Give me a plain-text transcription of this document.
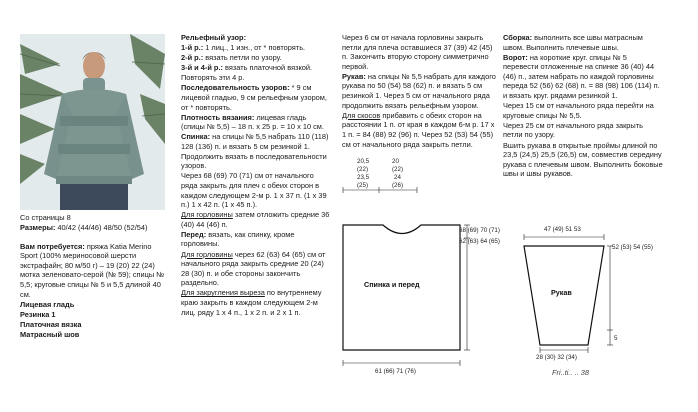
Со страницы 8

Размеры: 40/42 (44/46) 48/50 (52/54)

Вам потребуется: пряжа Katia Merino Sport (100% мериносовой шерсти экстрафайн; 80 м/50 г) – 19 (20) 22 (24) мотка зеленовато-серой (№ 59); спицы № 5,5; круговые спицы № 5 и 5,5 длиной 40 см.

Лицевая гладь

Резинка 1

Платочная вязка

Матрасный шов

Рельефный узор:

1-й р.: 1 лиц., 1 изн., от * повторять.

2-й р.: вязать петли по узору.

3-й и 4-й р.: вязать платочной вязкой.

Повторять эти 4 р.

Последовательность узоров: * 9 см лицевой гладью, 9 см рельефным узором, от * повторять.

Плотность вязания: лицевая гладь (спицы № 5,5) – 18 п. х 25 р. = 10 х 10 см.

Спинка: на спицы № 5,5 набрать 110 (118) 128 (136) п. и вязать 5 см резинкой 1. Продолжить вязать в последовательности узоров.

Через 68 (69) 70 (71) см от начального ряда закрыть для плеч с обеих сторон в каждом следующем 2-м р. 1 х 37 п. (1 х 39 п.) 1 х 42 п. (1 х 45 п.).

Для горловины затем отложить средние 36 (40) 44 (46) п.

Перед: вязать, как спинку, кроме горловины.

Для горловины через 62 (63) 64 (65) см от начального ряда закрыть средние 20 (24) 28 (30) п. и обе стороны закончить раздельно.

Для закругления выреза по внутреннему краю закрыть в каждом следующем 2-м лиц. ряду 1 х 4 п., 1 х 2 п. и 2 х 1 п.

Через 6 см от начала горловины закрыть петли для плеча оставшиеся 37 (39) 42 (45) п. Закончить вторую сторону симметрично первой.

Рукав: на спицы № 5,5 набрать для каждого рукава по 50 (54) 58 (62) п. и вязать 5 см резинкой 1. Через 5 см от начального ряда продолжить вязать рельефным узором.

Для скосов прибавить с обеих сторон на расстоянии 1 п. от края в каждом 6-м р. 17 х 1 п. = 84 (88) 92 (96) п. Через 52 (53) 54 (55) см от начального ряда закрыть петли.

Сборка: выполнить все швы матрасным швом. Выполнить плечевые швы.

Ворот: на короткие круг. спицы № 5 перевести отложенные на спинке 36 (40) 44 (46) п., затем набрать по каждой горловины переда 52 (56) 62 (68) п. = 88 (98) 106 (114) п. и вязать круг. рядами резинкой 1.

Через 15 см от начального ряда перейти на круговые спицы № 5,5.

Через 25 см от начального ряда закрыть петли по узору.

Вшить рукава в открытые проймы длиной по 23,5 (24,5) 25,5 (26,5) см, совместив середину рукава с плечевым швом. Выполнить боковые швы и швы рукавов.

20,5
(22)
23,5
(25)
20
(22)
24
(26)
Спинка и перед
68 (69) 70 (71)
62 (63) 64 (65)
61 (66) 71 (76)
47 (49) 51 53
Рукав
52 (53) 54 (55)
5
28 (30) 32 (34)
Fri..ti.. .. 38
